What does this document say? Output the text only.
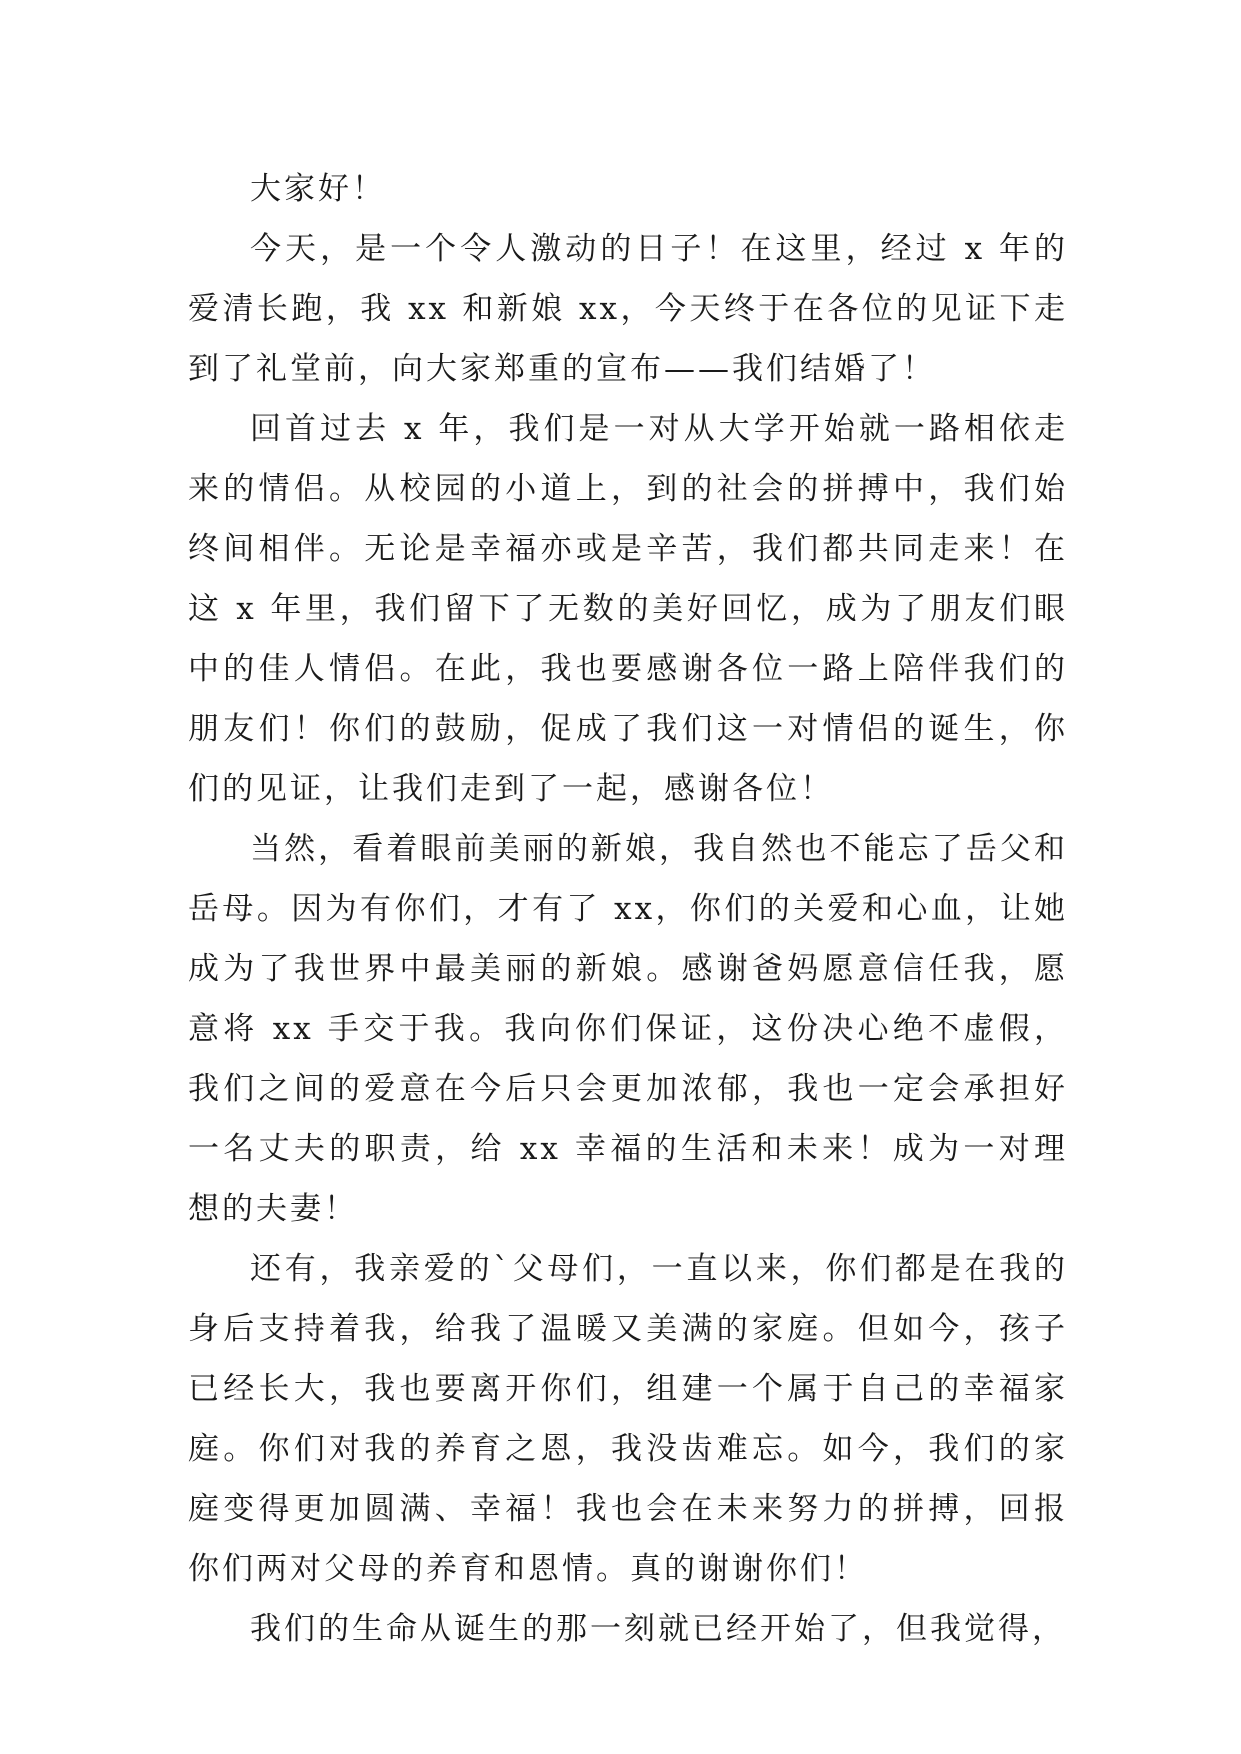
大家好！

今天，是一个令人激动的日子！在这里，经过 x 年的爱清长跑，我 xx 和新娘 xx，今天终于在各位的见证下走到了礼堂前，向大家郑重的宣布——我们结婚了！

回首过去 x 年，我们是一对从大学开始就一路相依走来的情侣。从校园的小道上，到的社会的拼搏中，我们始终间相伴。无论是幸福亦或是辛苦，我们都共同走来！在这 x 年里，我们留下了无数的美好回忆，成为了朋友们眼中的佳人情侣。在此，我也要感谢各位一路上陪伴我们的朋友们！你们的鼓励，促成了我们这一对情侣的诞生，你们的见证，让我们走到了一起，感谢各位！

当然，看着眼前美丽的新娘，我自然也不能忘了岳父和岳母。因为有你们，才有了 xx，你们的关爱和心血，让她成为了我世界中最美丽的新娘。感谢爸妈愿意信任我，愿意将 xx 手交于我。我向你们保证，这份决心绝不虚假，我们之间的爱意在今后只会更加浓郁，我也一定会承担好一名丈夫的职责，给 xx 幸福的生活和未来！成为一对理想的夫妻！

还有，我亲爱的`父母们，一直以来，你们都是在我的身后支持着我，给我了温暖又美满的家庭。但如今，孩子已经长大，我也要离开你们，组建一个属于自己的幸福家庭。你们对我的养育之恩，我没齿难忘。如今，我们的家庭变得更加圆满、幸福！我也会在未来努力的拼搏，回报你们两对父母的养育和恩情。真的谢谢你们！

我们的生命从诞生的那一刻就已经开始了，但我觉得，
